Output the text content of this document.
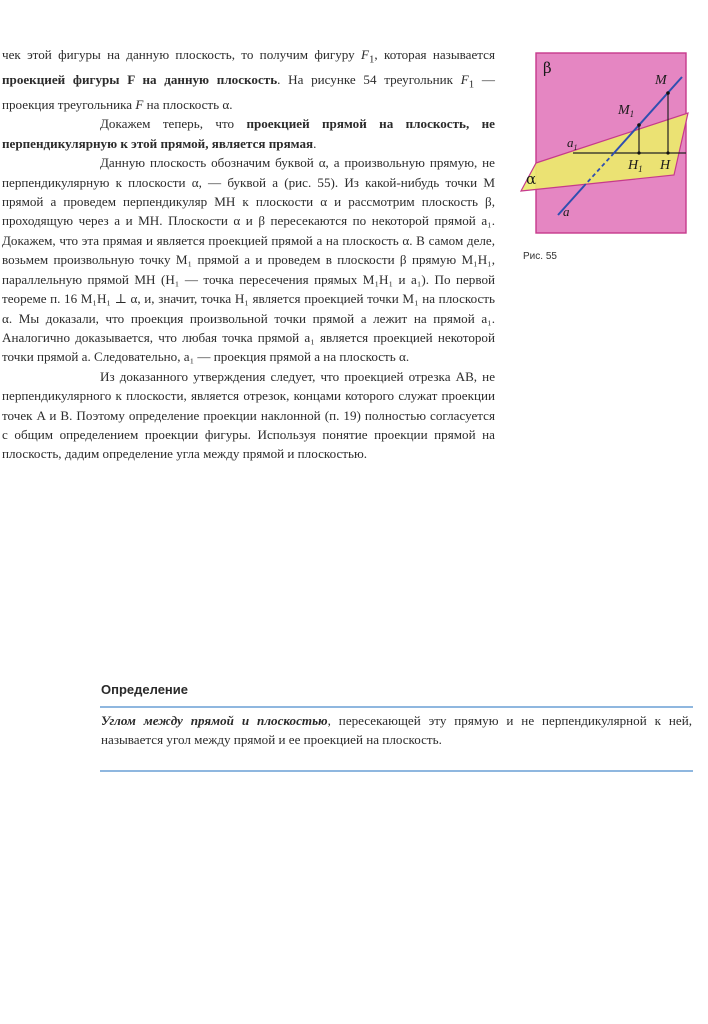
чек этой фигуры на данную плоскость, то получим фигуру $F_1$, которая называется проекцией фигуры F на данную плоскость. На рисунке 54 треугольник $F_1$ — проекция треугольника F на плоскость α.

Докажем теперь, что проекцией прямой на плоскость, не перпендикулярную к этой прямой, является прямая.

Данную плоскость обозначим буквой α, а произвольную прямую, не перпендикулярную к плоскости α, — буквой a (рис. 55). Из какой-нибудь точки M прямой a проведем перпендикуляр MH к плоскости α и рассмотрим плоскость β, проходящую через a и MH. Плоскости α и β пересекаются по некоторой прямой a₁. Докажем, что эта прямая и является проекцией прямой a на плоскость α. В самом деле, возьмем произвольную точку M₁ прямой a и проведем в плоскости β прямую M₁H₁, параллельную прямой MH (H₁ — точка пересечения прямых M₁H₁ и a₁). По первой теореме п. 16 M₁H₁ ⊥ α, и, значит, точка H₁ является проекцией точки M₁ на плоскость α. Мы доказали, что проекция произвольной точки прямой a лежит на прямой a₁. Аналогично доказывается, что любая точка прямой a₁ является проекцией некоторой точки прямой a. Следовательно, a₁ — проекция прямой a на плоскость α.

Из доказанного утверждения следует, что проекцией отрезка AB, не перпендикулярного к плоскости, является отрезок, концами которого служат проекции точек A и B. Поэтому определение проекции наклонной (п. 19) полностью согласуется с общим определением проекции фигуры. Используя понятие проекции прямой на плоскость, дадим определение угла между прямой и плоскостью.

β
α
M
$M_1$
$a_1$
$H_1$ H
a
Рис. 55
Определение
Углом между прямой и плоскостью, пересекающей эту прямую и не перпендикулярной к ней, называется угол между прямой и ее проекцией на плоскость.
